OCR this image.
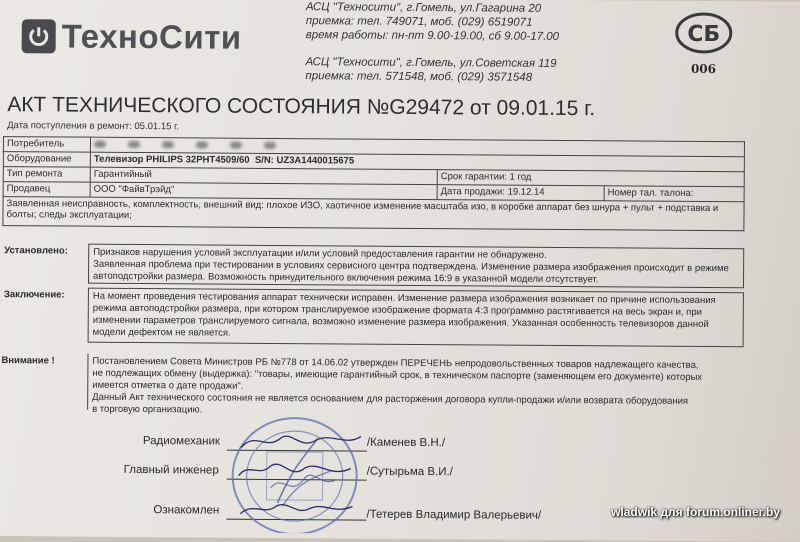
ТехноСити
АСЦ "Техносити", г.Гомель, ул.Гагарина 20
приемка: тел. 749071, моб. (029) 6519071
время работы: пн-пт 9.00-19.00, сб 9.00-17.00
АСЦ "Техносити", г.Гомель, ул.Советская 119
приемка: тел. 571548, моб. (029) 3571548
СБ
006
АКТ ТЕХНИЧЕСКОГО СОСТОЯНИЯ №G29472 от 09.01.15 г.
Дата поступления в ремонт: 05.01.15 г.
Потребитель			
Оборудование	Телевизор PHILIPS 32PHT4509/60 S/N: UZ3A1440015675		
Тип ремонта	Гарантийный	Срок гарантии: 1 год	
Продавец	ООО "ФайвТрэйд"	Дата продажи: 19.12.14	Номер тал. талона:
Заявленная неисправность, комплектность, внешний вид: плохое ИЗО, хаотичное изменение масштаба изо, в коробке аппарат без шнура + пульт + подставка и болты; следы эксплуатации;			
Установлено:	Признаков нарушения условий эксплуатации и/или условий предоставления гарантии не обнаружено.
Заявленная проблема при тестировании в условиях сервисного центра подтверждена. Изменение размера изображения происходит в режиме
автоподстройки размера. Возможность принудительного включения режима 16:9 в указанной модели отсутствует.
Заключение:	На момент проведения тестирования аппарат технически исправен. Изменение размера изображения возникает по причине использования
режима автоподстройки размера, при котором транслируемое изображение формата 4:3 программно растягивается на весь экран и, при
изменении параметров транслируемого сигнала, возможно изменение размера изображения. Указанная особенность телевизоров данной
модели дефектом не является.
Внимание !	Постановлением Совета Министров РБ №778 от 14.06.02 утвержден ПЕРЕЧЕНЬ непродовольственных товаров надлежащего качества,
не подлежащих обмену (выдержка): "товары, имеющие гарантийный срок, в техническом паспорте (заменяющем его документе) которых
имеется отметка о дате продажи".
Данный Акт технического состояния не является основанием для расторжения договора купли-продажи и/или возврата оборудования
в торговую организацию.
Радиомеханик	/Каменев В.Н./
Главный инженер	/Сутырьма В.И./
Ознакомлен	/Тетерев Владимир Валерьевич/	wladwik для forum.onliner.by
